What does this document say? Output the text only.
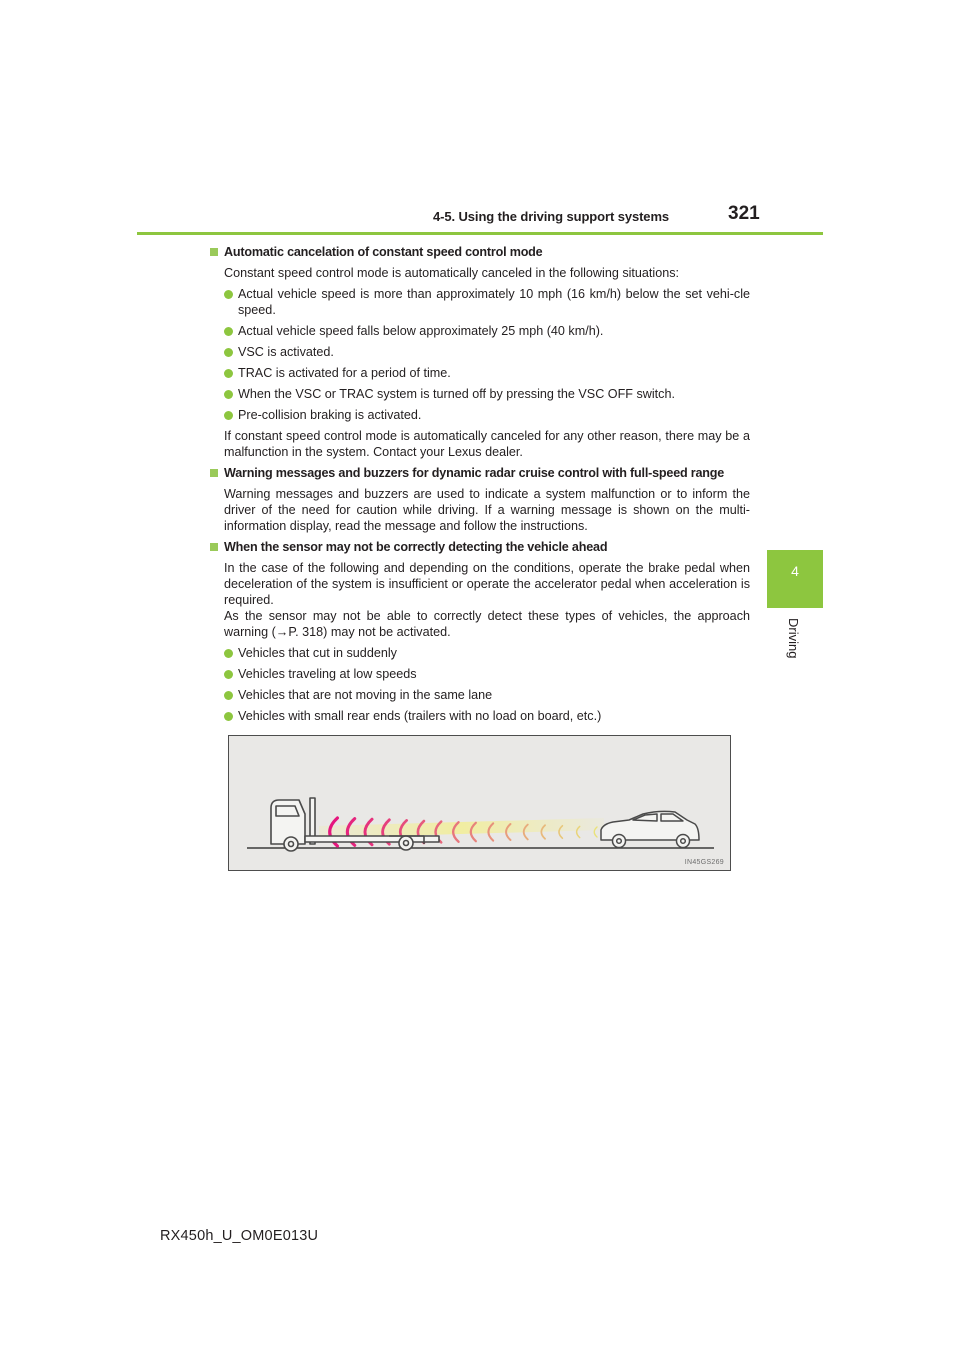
4-5. Using the driving support systems	321
4
Driving
Automatic cancelation of constant speed control mode
Constant speed control mode is automatically canceled in the following situations:
Actual vehicle speed is more than approximately 10 mph (16 km/h) below the set vehi-cle speed.
Actual vehicle speed falls below approximately 25 mph (40 km/h).
VSC is activated.
TRAC is activated for a period of time.
When the VSC or TRAC system is turned off by pressing the VSC OFF switch.
Pre-collision braking is activated.
If constant speed control mode is automatically canceled for any other reason, there may be a malfunction in the system. Contact your Lexus dealer.
Warning messages and buzzers for dynamic radar cruise control with full-speed range
Warning messages and buzzers are used to indicate a system malfunction or to inform the driver of the need for caution while driving. If a warning message is shown on the multi-information display, read the message and follow the instructions.
When the sensor may not be correctly detecting the vehicle ahead
In the case of the following and depending on the conditions, operate the brake pedal when deceleration of the system is insufficient or operate the accelerator pedal when acceleration is required.
As the sensor may not be able to correctly detect these types of vehicles, the approach warning (→P. 318) may not be activated.
Vehicles that cut in suddenly
Vehicles traveling at low speeds
Vehicles that are not moving in the same lane
Vehicles with small rear ends (trailers with no load on board, etc.)
IN45GS269
RX450h_U_OM0E013U
